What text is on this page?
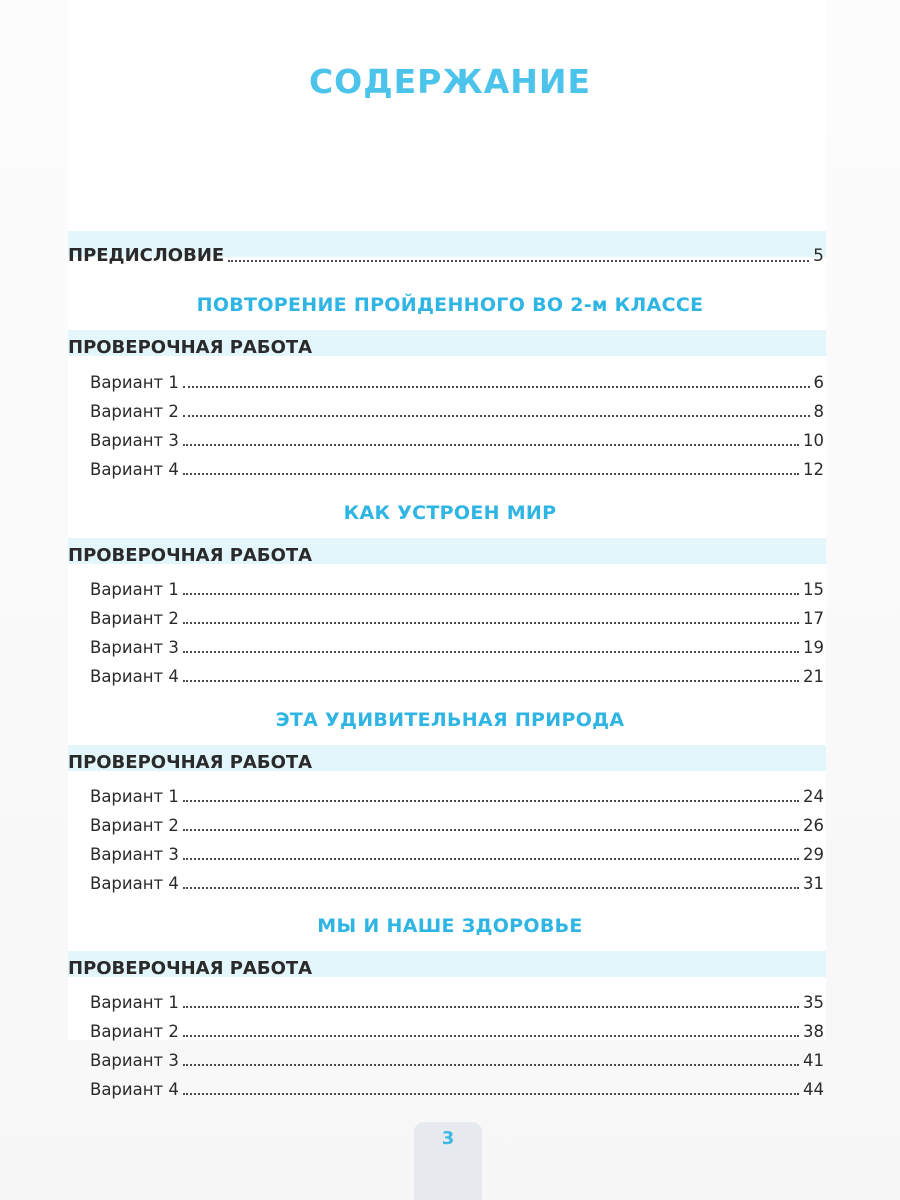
СОДЕРЖАНИЕ
ПРЕДИСЛОВИЕ	5
ПОВТОРЕНИЕ ПРОЙДЕННОГО ВО 2-м КЛАССЕ
ПРОВЕРОЧНАЯ РАБОТА
Вариант 1	6
Вариант 2	8
Вариант 3	10
Вариант 4	12
КАК УСТРОЕН МИР
ПРОВЕРОЧНАЯ РАБОТА
Вариант 1	15
Вариант 2	17
Вариант 3	19
Вариант 4	21
ЭТА УДИВИТЕЛЬНАЯ ПРИРОДА
ПРОВЕРОЧНАЯ РАБОТА
Вариант 1	24
Вариант 2	26
Вариант 3	29
Вариант 4	31
МЫ И НАШЕ ЗДОРОВЬЕ
ПРОВЕРОЧНАЯ РАБОТА
Вариант 1	35
Вариант 2	38
Вариант 3	41
Вариант 4	44
3
